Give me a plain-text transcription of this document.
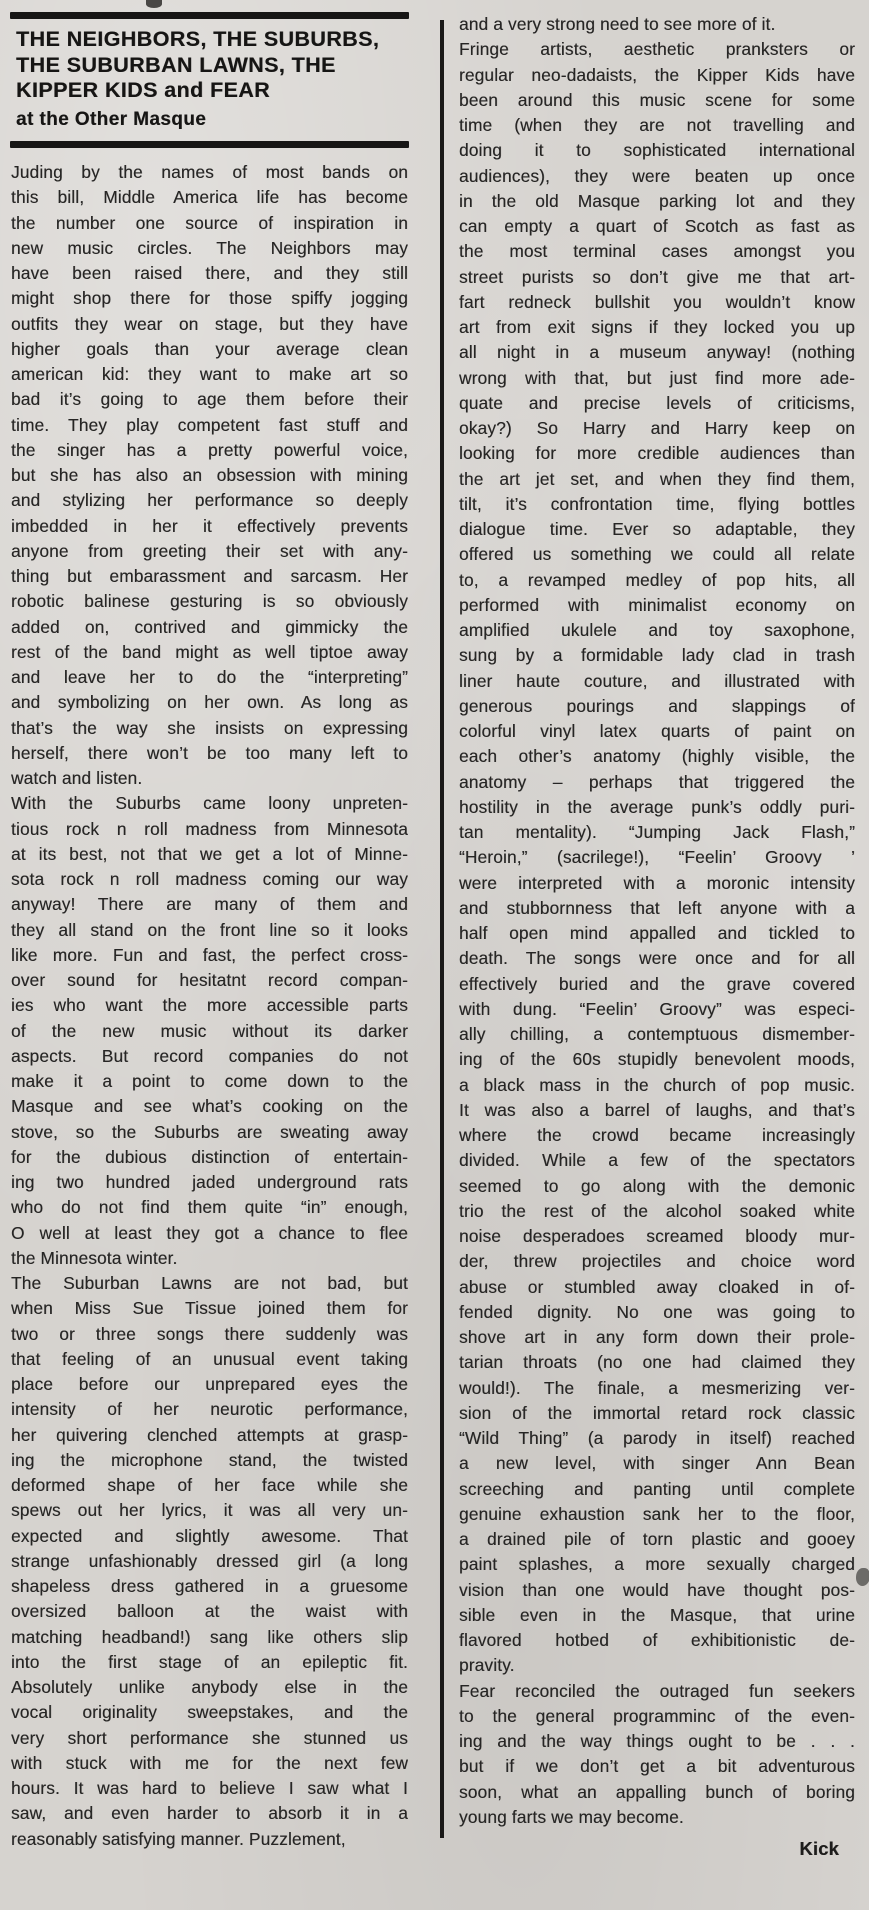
THE NEIGHBORS, THE SUBURBS,
THE SUBURBAN LAWNS, THE
KIPPER KIDS and FEAR
at the Other Masque
Juding by the names of most bands on
this bill, Middle America life has become
the number one source of inspiration in
new music circles. The Neighbors may
have been raised there, and they still
might shop there for those spiffy jogging
outfits they wear on stage, but they have
higher goals than your average clean
american kid: they want to make art so
bad it’s going to age them before their
time. They play competent fast stuff and
the singer has a pretty powerful voice,
but she has also an obsession with mining
and stylizing her performance so deeply
imbedded in her it effectively prevents
anyone from greeting their set with any-
thing but embarassment and sarcasm. Her
robotic balinese gesturing is so obviously
added on, contrived and gimmicky the
rest of the band might as well tiptoe away
and leave her to do the “interpreting”
and symbolizing on her own. As long as
that’s the way she insists on expressing
herself, there won’t be too many left to
watch and listen.
With the Suburbs came loony unpreten-
tious rock n roll madness from Minnesota
at its best, not that we get a lot of Minne-
sota rock n roll madness coming our way
anyway! There are many of them and
they all stand on the front line so it looks
like more. Fun and fast, the perfect cross-
over sound for hesitatnt record compan-
ies who want the more accessible parts
of the new music without its darker
aspects. But record companies do not
make it a point to come down to the
Masque and see what’s cooking on the
stove, so the Suburbs are sweating away
for the dubious distinction of entertain-
ing two hundred jaded underground rats
who do not find them quite “in” enough,
O well at least they got a chance to flee
the Minnesota winter.
The Suburban Lawns are not bad, but
when Miss Sue Tissue joined them for
two or three songs there suddenly was
that feeling of an unusual event taking
place before our unprepared eyes the
intensity of her neurotic performance,
her quivering clenched attempts at grasp-
ing the microphone stand, the twisted
deformed shape of her face while she
spews out her lyrics, it was all very un-
expected and slightly awesome. That
strange unfashionably dressed girl (a long
shapeless dress gathered in a gruesome
oversized balloon at the waist with
matching headband!) sang like others slip
into the first stage of an epileptic fit.
Absolutely unlike anybody else in the
vocal originality sweepstakes, and the
very short performance she stunned us
with stuck with me for the next few
hours. It was hard to believe I saw what I
saw, and even harder to absorb it in a
reasonably satisfying manner. Puzzlement,
and a very strong need to see more of it.
Fringe artists, aesthetic pranksters or
regular neo-dadaists, the Kipper Kids have
been around this music scene for some
time (when they are not travelling and
doing it to sophisticated international
audiences), they were beaten up once
in the old Masque parking lot and they
can empty a quart of Scotch as fast as
the most terminal cases amongst you
street purists so don’t give me that art-
fart redneck bullshit you wouldn’t know
art from exit signs if they locked you up
all night in a museum anyway! (nothing
wrong with that, but just find more ade-
quate and precise levels of criticisms,
okay?) So Harry and Harry keep on
looking for more credible audiences than
the art jet set, and when they find them,
tilt, it’s confrontation time, flying bottles
dialogue time. Ever so adaptable, they
offered us something we could all relate
to, a revamped medley of pop hits, all
performed with minimalist economy on
amplified ukulele and toy saxophone,
sung by a formidable lady clad in trash
liner haute couture, and illustrated with
generous pourings and slappings of
colorful vinyl latex quarts of paint on
each other’s anatomy (highly visible, the
anatomy – perhaps that triggered the
hostility in the average punk’s oddly puri-
tan mentality). “Jumping Jack Flash,”
“Heroin,” (sacrilege!), “Feelin’ Groovy ’
were interpreted with a moronic intensity
and stubbornness that left anyone with a
half open mind appalled and tickled to
death. The songs were once and for all
effectively buried and the grave covered
with dung. “Feelin’ Groovy” was especi-
ally chilling, a contemptuous dismember-
ing of the 60s stupidly benevolent moods,
a black mass in the church of pop music.
It was also a barrel of laughs, and that’s
where the crowd became increasingly
divided. While a few of the spectators
seemed to go along with the demonic
trio the rest of the alcohol soaked white
noise desperadoes screamed bloody mur-
der, threw projectiles and choice word
abuse or stumbled away cloaked in of-
fended dignity. No one was going to
shove art in any form down their prole-
tarian throats (no one had claimed they
would!). The finale, a mesmerizing ver-
sion of the immortal retard rock classic
“Wild Thing” (a parody in itself) reached
a new level, with singer Ann Bean
screeching and panting until complete
genuine exhaustion sank her to the floor,
a drained pile of torn plastic and gooey
paint splashes, a more sexually charged
vision than one would have thought pos-
sible even in the Masque, that urine
flavored hotbed of exhibitionistic de-
pravity.
Fear reconciled the outraged fun seekers
to the general programminc of the even-
ing and the way things ought to be . . .
but if we don’t get a bit adventurous
soon, what an appalling bunch of boring
young farts we may become.
Kick
